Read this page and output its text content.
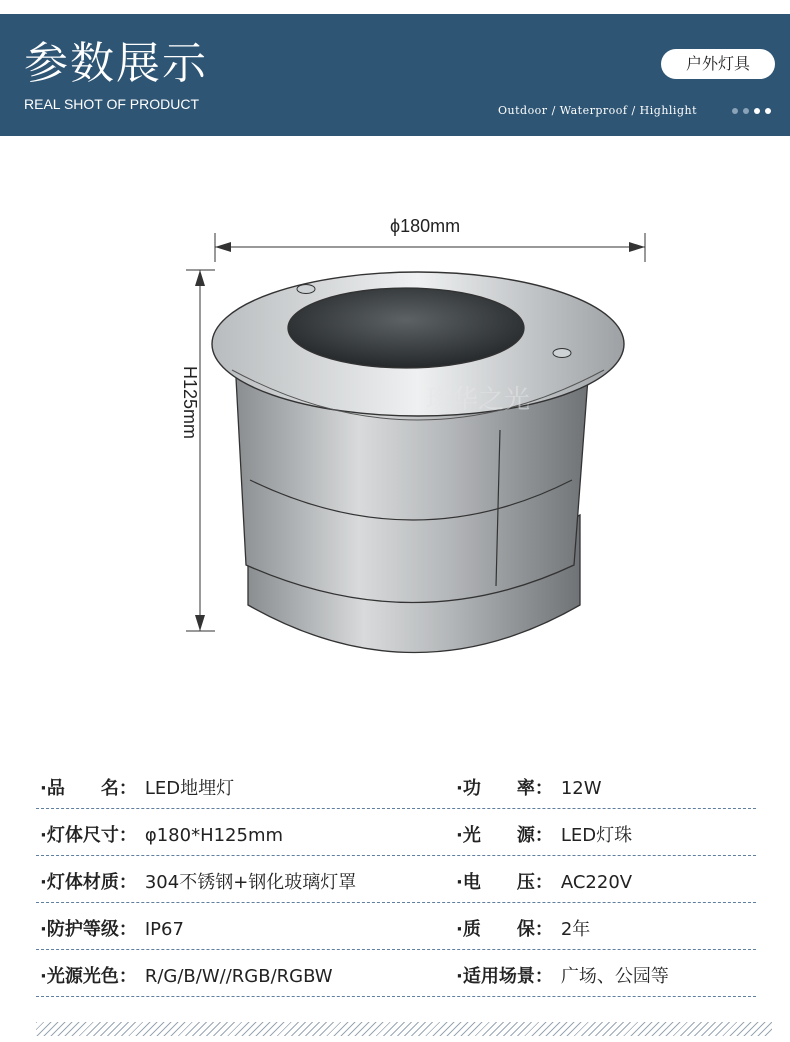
参数展示
REAL SHOT OF PRODUCT
户外灯具
Outdoor / Waterproof / Highlight
ϕ180mm
H125mm	璨华之光
·品　　名： LED地埋灯	·功　　率： 12W
·灯体尺寸： φ180*H125mm	·光　　源： LED灯珠
·灯体材质： 304不锈钢+钢化玻璃灯罩	·电　　压： AC220V
·防护等级： IP67	·质　　保： 2年
·光源光色： R/G/B/W//RGB/RGBW	·适用场景： 广场、公园等
